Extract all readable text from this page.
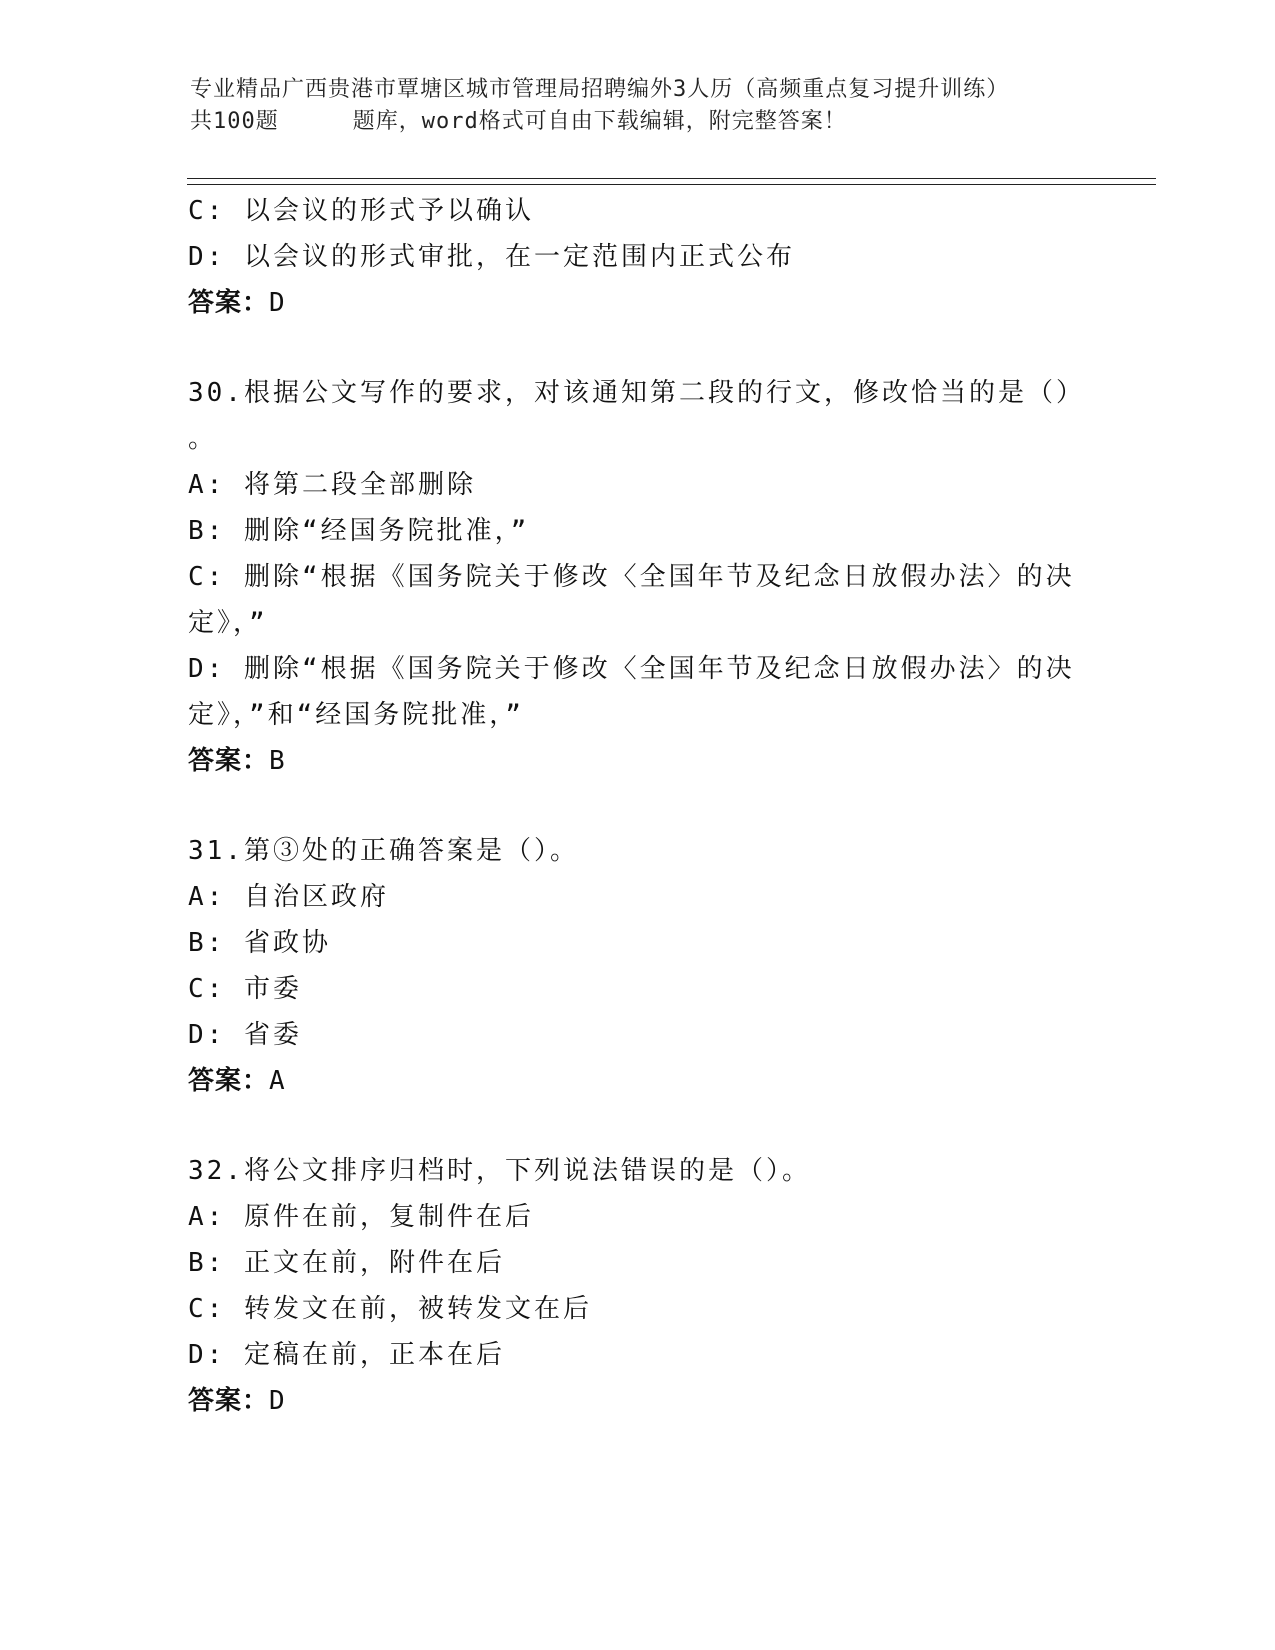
专业精品广西贵港市覃塘区城市管理局招聘编外3人历（高频重点复习提升训练）
共100题	题库，word格式可自由下载编辑，附完整答案！
C: 以会议的形式予以确认
D: 以会议的形式审批，在一定范围内正式公布
答案：D
30.根据公文写作的要求，对该通知第二段的行文，修改恰当的是（）
。
A: 将第二段全部删除
B: 删除“经国务院批准，”
C: 删除“根据《国务院关于修改〈全国年节及纪念日放假办法〉的决
定》，”
D: 删除“根据《国务院关于修改〈全国年节及纪念日放假办法〉的决
定》，”和“经国务院批准，”
答案：B
31.第③处的正确答案是（）。
A: 自治区政府
B: 省政协
C: 市委
D: 省委
答案：A
32.将公文排序归档时，下列说法错误的是（）。
A: 原件在前，复制件在后
B: 正文在前，附件在后
C: 转发文在前，被转发文在后
D: 定稿在前，正本在后
答案：D
